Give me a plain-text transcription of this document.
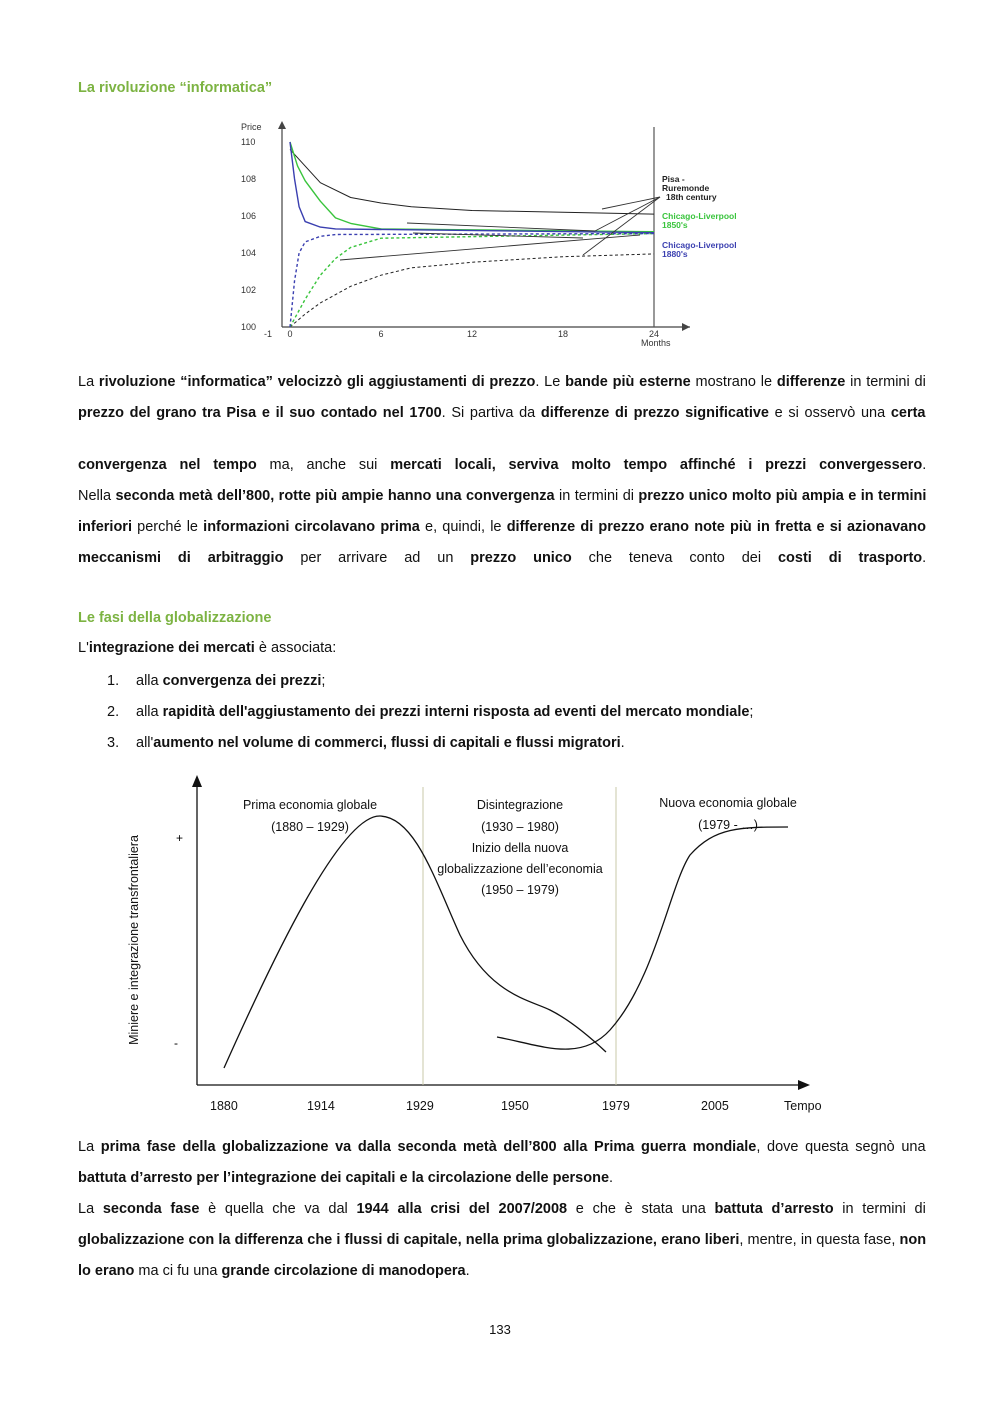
La rivoluzione “informatica”

Price
110
108
106
104
102
100
-1 0	6	12	18	24
Months
Pisa -
Ruremonde
18th century
Chicago-Liverpool
1850's
Chicago-Liverpool
1880's
La rivoluzione “informatica” velocizzò gli aggiustamenti di prezzo. Le bande più esterne mostrano le differenze in termini di
prezzo del grano tra Pisa e il suo contado nel 1700. Si partiva da differenze di prezzo significative e si osservò una certa
convergenza nel tempo ma, anche sui mercati locali, serviva molto tempo affinché i prezzi convergessero.
Nella seconda metà dell’800, rotte più ampie hanno una convergenza in termini di prezzo unico molto più ampia e in termini
inferiori perché le informazioni circolavano prima e, quindi, le differenze di prezzo erano note più in fretta e si azionavano
meccanismi di arbitraggio per arrivare ad un prezzo unico che teneva conto dei costi di trasporto.

Le fasi della globalizzazione

L'integrazione dei mercati è associata:
1. alla convergenza dei prezzi;
2. alla rapidità dell'aggiustamento dei prezzi interni risposta ad eventi del mercato mondiale;
3. all'aumento nel volume di commerci, flussi di capitali e flussi migratori.
Miniere e integrazione transfrontaliera	+
-
1880	1914	1929	1950	1979	2005	Tempo
Prima economia globale
(1880 – 1929)
Disintegrazione
(1930 – 1980)
Inizio della nuova
globalizzazione dell’economia
(1950 – 1979)
Nuova economia globale
(1979 - …)
La prima fase della globalizzazione va dalla seconda metà dell’800 alla Prima guerra mondiale, dove questa segnò una
battuta d’arresto per l’integrazione dei capitali e la circolazione delle persone.
La seconda fase è quella che va dal 1944 alla crisi del 2007/2008 e che è stata una battuta d’arresto in termini di
globalizzazione con la differenza che i flussi di capitale, nella prima globalizzazione, erano liberi, mentre, in questa fase, non
lo erano ma ci fu una grande circolazione di manodopera.
133
